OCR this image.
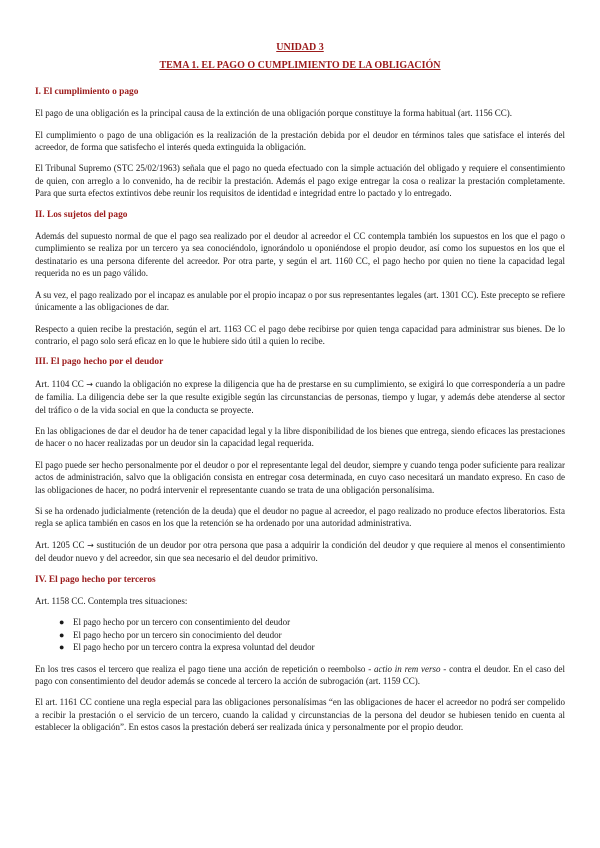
UNIDAD 3
TEMA 1. EL PAGO O CUMPLIMIENTO DE LA OBLIGACIÓN
I. El cumplimiento o pago

El pago de una obligación es la principal causa de la extinción de una obligación porque constituye la forma habitual (art. 1156 CC).

El cumplimiento o pago de una obligación es la realización de la prestación debida por el deudor en términos tales que satisface el interés del acreedor, de forma que satisfecho el interés queda extinguida la obligación.

El Tribunal Supremo (STC 25/02/1963) señala que el pago no queda efectuado con la simple actuación del obligado y requiere el consentimiento de quien, con arreglo a lo convenido, ha de recibir la prestación. Además el pago exige entregar la cosa o realizar la prestación completamente. Para que surta efectos extintivos debe reunir los requisitos de identidad e integridad entre lo pactado y lo entregado.

II. Los sujetos del pago

Además del supuesto normal de que el pago sea realizado por el deudor al acreedor el CC contempla también los supuestos en los que el pago o cumplimiento se realiza por un tercero ya sea conociéndolo, ignorándolo u oponiéndose el propio deudor, así como los supuestos en los que el destinatario es una persona diferente del acreedor. Por otra parte, y según el art. 1160 CC, el pago hecho por quien no tiene la capacidad legal requerida no es un pago válido.

A su vez, el pago realizado por el incapaz es anulable por el propio incapaz o por sus representantes legales (art. 1301 CC). Este precepto se refiere únicamente a las obligaciones de dar.

Respecto a quien recibe la prestación, según el art. 1163 CC el pago debe recibirse por quien tenga capacidad para administrar sus bienes. De lo contrario, el pago solo será eficaz en lo que le hubiere sido útil a quien lo recibe.

III. El pago hecho por el deudor

Art. 1104 CC → cuando la obligación no exprese la diligencia que ha de prestarse en su cumplimiento, se exigirá lo que correspondería a un padre de familia. La diligencia debe ser la que resulte exigible según las circunstancias de personas, tiempo y lugar, y además debe atenderse al sector del tráfico o de la vida social en que la conducta se proyecte.

En las obligaciones de dar el deudor ha de tener capacidad legal y la libre disponibilidad de los bienes que entrega, siendo eficaces las prestaciones de hacer o no hacer realizadas por un deudor sin la capacidad legal requerida.

El pago puede ser hecho personalmente por el deudor o por el representante legal del deudor, siempre y cuando tenga poder suficiente para realizar actos de administración, salvo que la obligación consista en entregar cosa determinada, en cuyo caso necesitará un mandato expreso. En caso de las obligaciones de hacer, no podrá intervenir el representante cuando se trata de una obligación personalísima.

Si se ha ordenado judicialmente (retención de la deuda) que el deudor no pague al acreedor, el pago realizado no produce efectos liberatorios. Esta regla se aplica también en casos en los que la retención se ha ordenado por una autoridad administrativa.

Art. 1205 CC → sustitución de un deudor por otra persona que pasa a adquirir la condición del deudor y que requiere al menos el consentimiento del deudor nuevo y del acreedor, sin que sea necesario el del deudor primitivo.

IV. El pago hecho por terceros

Art. 1158 CC. Contempla tres situaciones:

● El pago hecho por un tercero con consentimiento del deudor
● El pago hecho por un tercero sin conocimiento del deudor
● El pago hecho por un tercero contra la expresa voluntad del deudor

En los tres casos el tercero que realiza el pago tiene una acción de repetición o reembolso - actio in rem verso - contra el deudor. En el caso del pago con consentimiento del deudor además se concede al tercero la acción de subrogación (art. 1159 CC).

El art. 1161 CC contiene una regla especial para las obligaciones personalísimas “en las obligaciones de hacer el acreedor no podrá ser compelido a recibir la prestación o el servicio de un tercero, cuando la calidad y circunstancias de la persona del deudor se hubiesen tenido en cuenta al establecer la obligación”. En estos casos la prestación deberá ser realizada única y personalmente por el propio deudor.
